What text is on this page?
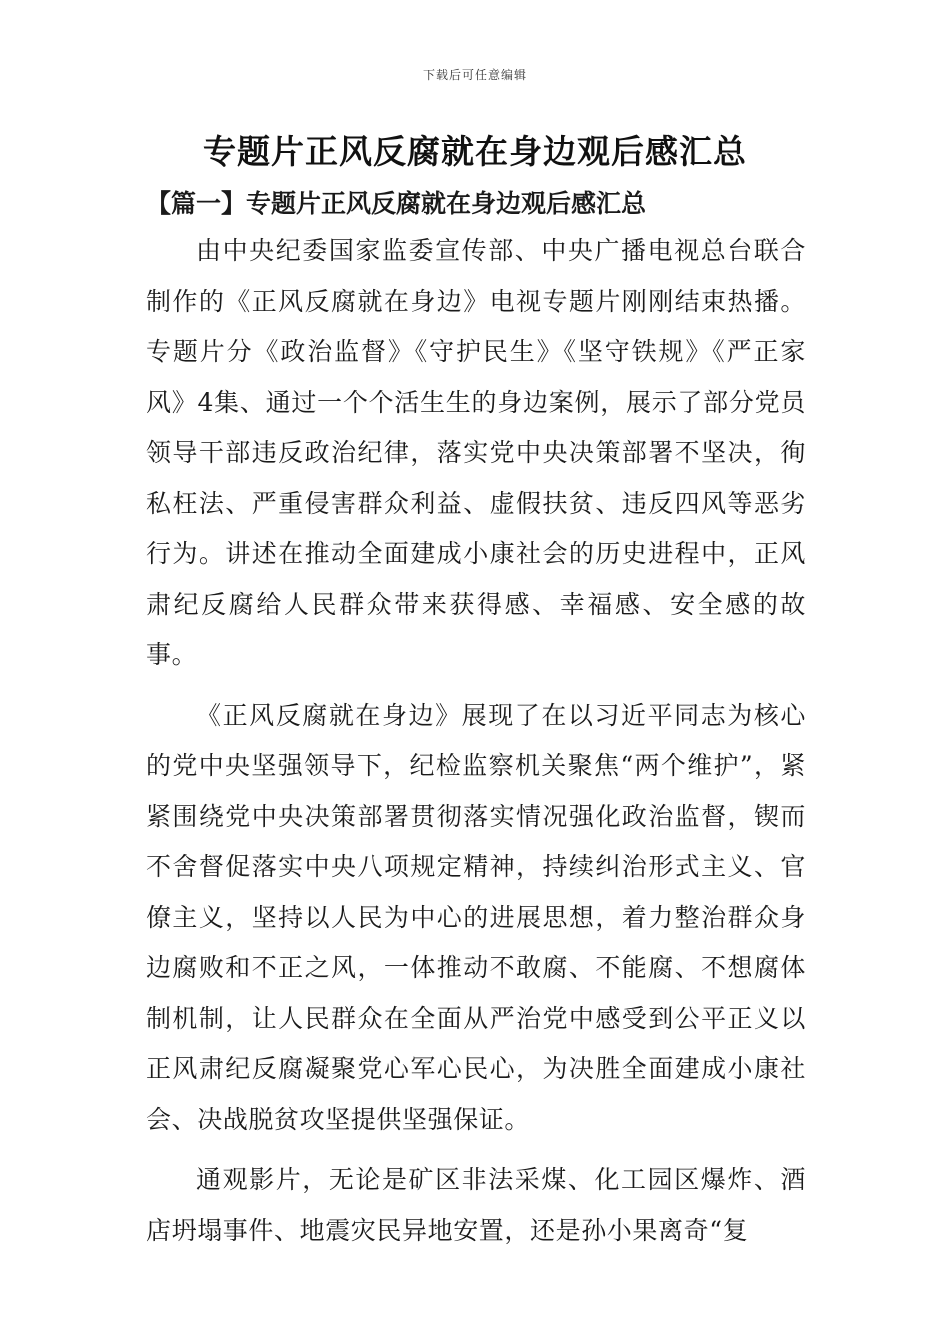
下载后可任意编辑
专题片正风反腐就在身边观后感汇总
【篇一】专题片正风反腐就在身边观后感汇总

由中央纪委国家监委宣传部、中央广播电视总台联合制作的《正风反腐就在身边》电视专题片刚刚结束热播。专题片分《政治监督》《守护民生》《坚守铁规》《严正家风》4集、通过一个个活生生的身边案例，展示了部分党员领导干部违反政治纪律，落实党中央决策部署不坚决，徇私枉法、严重侵害群众利益、虚假扶贫、违反四风等恶劣行为。讲述在推动全面建成小康社会的历史进程中，正风肃纪反腐给人民群众带来获得感、幸福感、安全感的故事。

《正风反腐就在身边》展现了在以习近平同志为核心的党中央坚强领导下，纪检监察机关聚焦“两个维护”，紧紧围绕党中央决策部署贯彻落实情况强化政治监督，锲而不舍督促落实中央八项规定精神，持续纠治形式主义、官僚主义，坚持以人民为中心的进展思想，着力整治群众身边腐败和不正之风，一体推动不敢腐、不能腐、不想腐体制机制，让人民群众在全面从严治党中感受到公平正义以正风肃纪反腐凝聚党心军心民心，为决胜全面建成小康社会、决战脱贫攻坚提供坚强保证。

通观影片，无论是矿区非法采煤、化工园区爆炸、酒店坍塌事件、地震灾民异地安置，还是孙小果离奇“复
